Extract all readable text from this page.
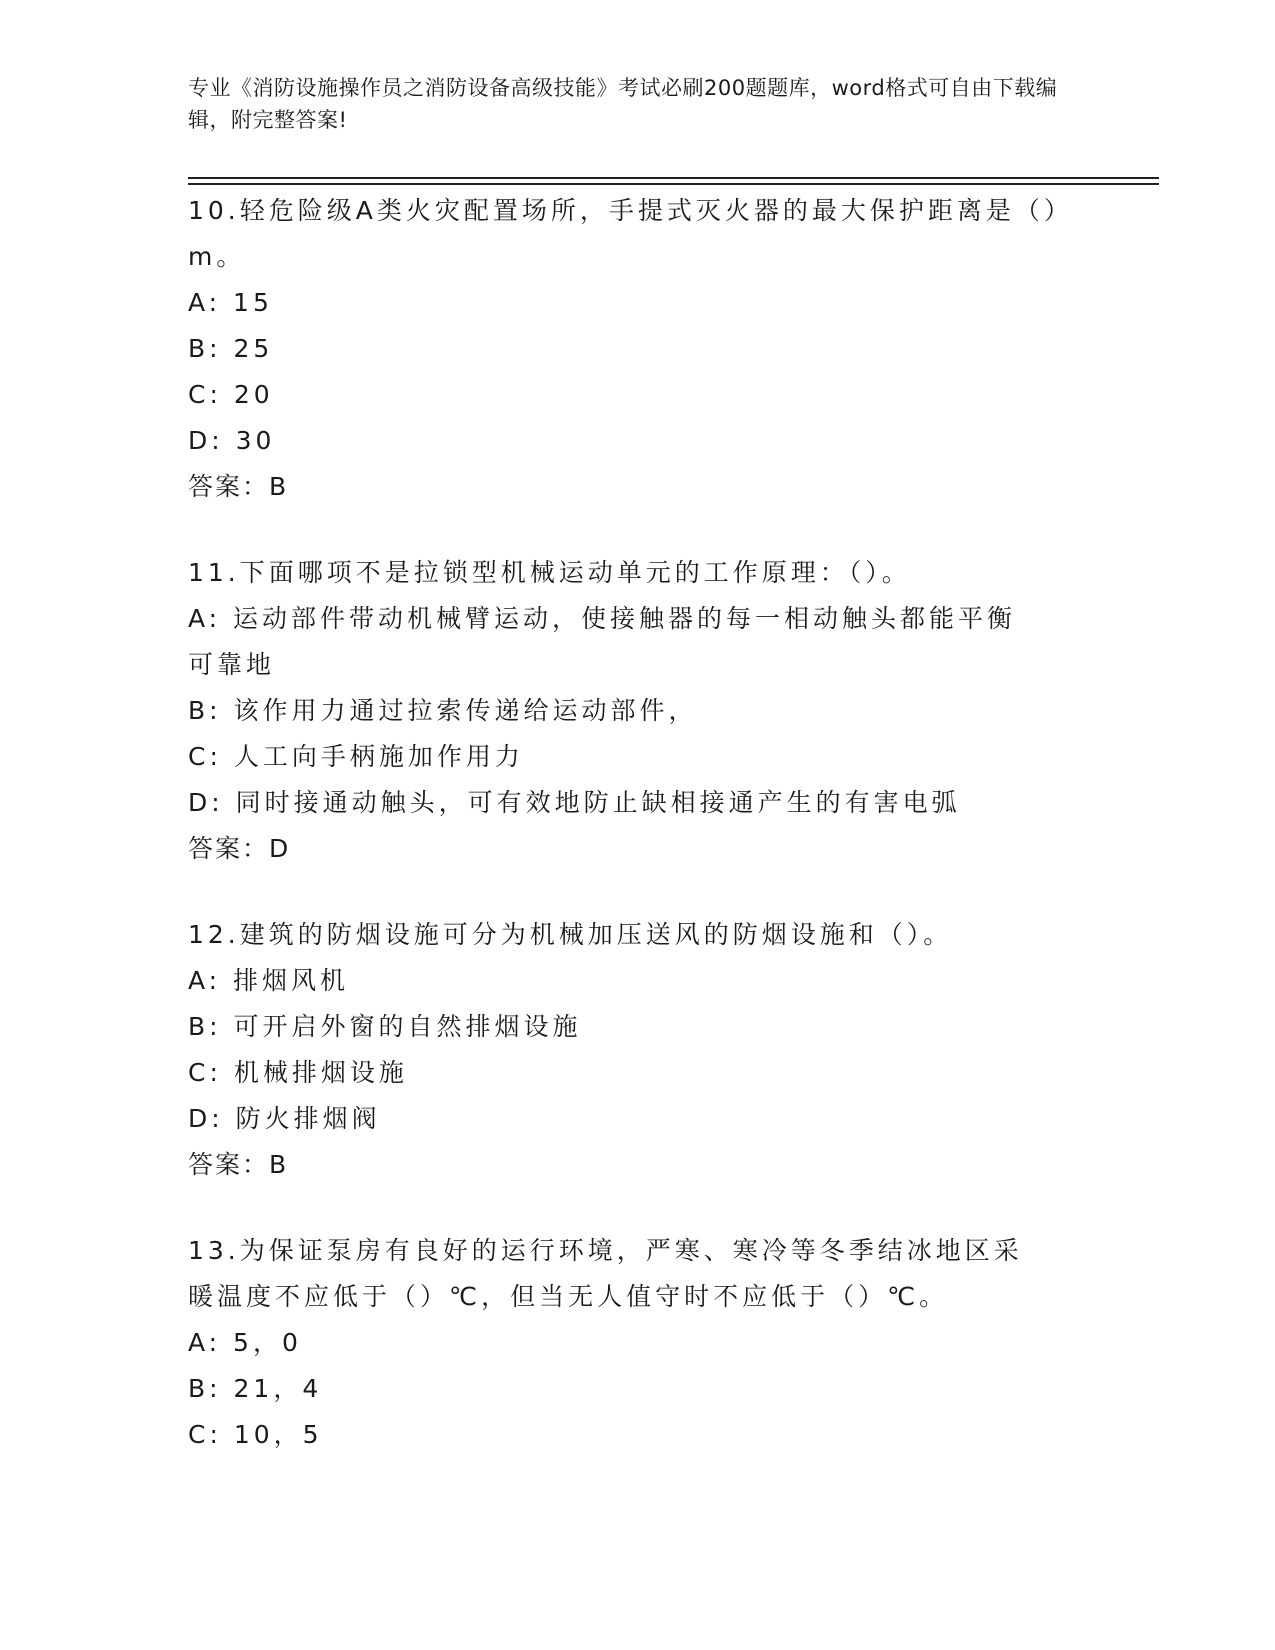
专业《消防设施操作员之消防设备高级技能》考试必刷200题题库，word格式可自由下载编辑，附完整答案!
10.轻危险级A类火灾配置场所，手提式灭火器的最大保护距离是（）m。
A: 15
B: 25
C: 20
D: 30
答案：B
11.下面哪项不是拉锁型机械运动单元的工作原理：（）。
A: 运动部件带动机械臂运动，使接触器的每一相动触头都能平衡可靠地
B: 该作用力通过拉索传递给运动部件，
C: 人工向手柄施加作用力
D: 同时接通动触头，可有效地防止缺相接通产生的有害电弧
答案：D
12.建筑的防烟设施可分为机械加压送风的防烟设施和（）。
A: 排烟风机
B: 可开启外窗的自然排烟设施
C: 机械排烟设施
D: 防火排烟阀
答案：B
13.为保证泵房有良好的运行环境，严寒、寒冷等冬季结冰地区采暖温度不应低于（）℃，但当无人值守时不应低于（）℃。
A: 5，0
B: 21，4
C: 10，5
